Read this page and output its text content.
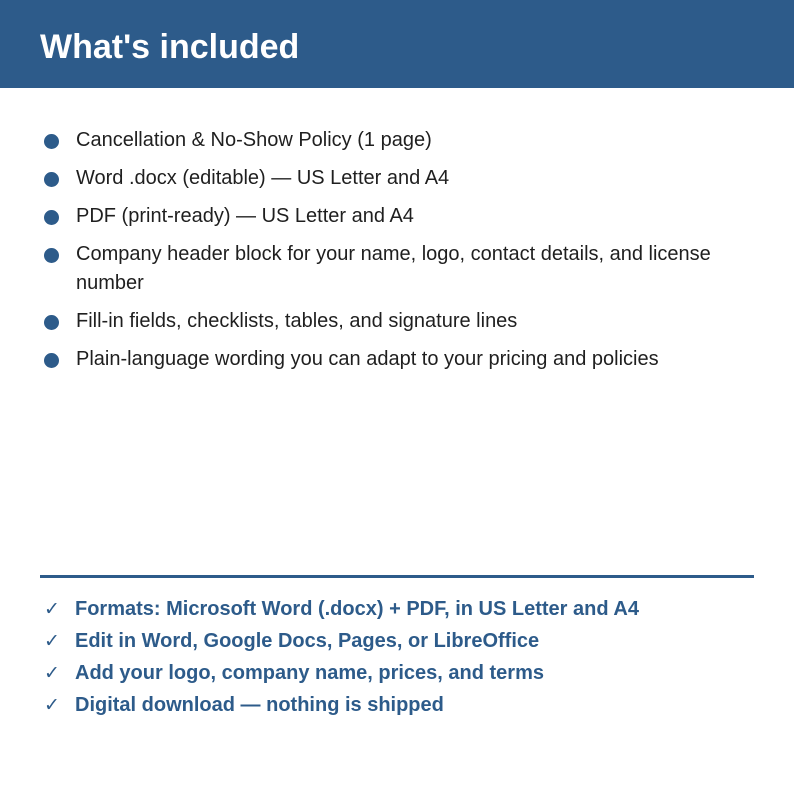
What's included
Cancellation & No-Show Policy (1 page)
Word .docx (editable) — US Letter and A4
PDF (print-ready) — US Letter and A4
Company header block for your name, logo, contact details, and license number
Fill-in fields, checklists, tables, and signature lines
Plain-language wording you can adapt to your pricing and policies
✓ Formats: Microsoft Word (.docx) + PDF, in US Letter and A4
✓ Edit in Word, Google Docs, Pages, or LibreOffice
✓ Add your logo, company name, prices, and terms
✓ Digital download — nothing is shipped
